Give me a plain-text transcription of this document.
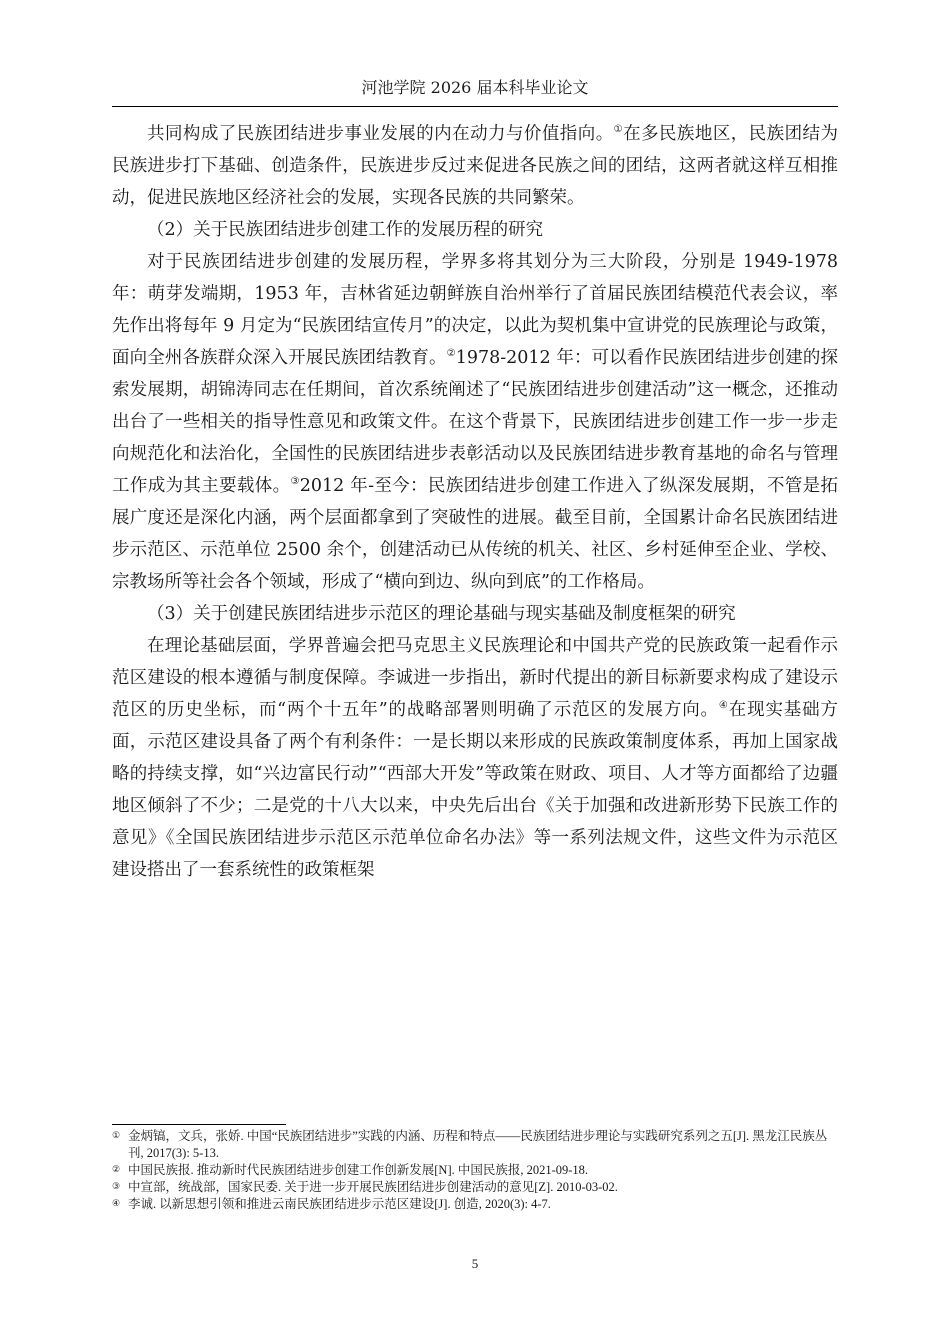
河池学院 2026 届本科毕业论文

共同构成了民族团结进步事业发展的内在动力与价值指向。①在多民族地区，民族团结为民族进步打下基础、创造条件，民族进步反过来促进各民族之间的团结，这两者就这样互相推动，促进民族地区经济社会的发展，实现各民族的共同繁荣。

（2）关于民族团结进步创建工作的发展历程的研究

对于民族团结进步创建的发展历程，学界多将其划分为三大阶段，分别是 1949-1978 年：萌芽发端期，1953 年，吉林省延边朝鲜族自治州举行了首届民族团结模范代表会议，率先作出将每年 9 月定为“民族团结宣传月”的决定，以此为契机集中宣讲党的民族理论与政策，面向全州各族群众深入开展民族团结教育。②1978-2012 年：可以看作民族团结进步创建的探索发展期，胡锦涛同志在任期间，首次系统阐述了“民族团结进步创建活动”这一概念，还推动出台了一些相关的指导性意见和政策文件。在这个背景下，民族团结进步创建工作一步一步走向规范化和法治化，全国性的民族团结进步表彰活动以及民族团结进步教育基地的命名与管理工作成为其主要载体。③2012 年-至今：民族团结进步创建工作进入了纵深发展期，不管是拓展广度还是深化内涵，两个层面都拿到了突破性的进展。截至目前，全国累计命名民族团结进步示范区、示范单位 2500 余个，创建活动已从传统的机关、社区、乡村延伸至企业、学校、宗教场所等社会各个领域，形成了“横向到边、纵向到底”的工作格局。

（3）关于创建民族团结进步示范区的理论基础与现实基础及制度框架的研究

在理论基础层面，学界普遍会把马克思主义民族理论和中国共产党的民族政策一起看作示范区建设的根本遵循与制度保障。李诚进一步指出，新时代提出的新目标新要求构成了建设示范区的历史坐标，而“两个十五年”的战略部署则明确了示范区的发展方向。④在现实基础方面，示范区建设具备了两个有利条件：一是长期以来形成的民族政策制度体系，再加上国家战略的持续支撑，如“兴边富民行动”“西部大开发”等政策在财政、项目、人才等方面都给了边疆地区倾斜了不少；二是党的十八大以来，中央先后出台《关于加强和改进新形势下民族工作的意见》《全国民族团结进步示范区示范单位命名办法》等一系列法规文件，这些文件为示范区建设搭出了一套系统性的政策框架

① 金炳镐，文兵，张娇. 中国“民族团结进步”实践的内涵、历程和特点——民族团结进步理论与实践研究系列之五[J]. 黑龙江民族丛刊, 2017(3): 5-13.
② 中国民族报. 推动新时代民族团结进步创建工作创新发展[N]. 中国民族报, 2021-09-18.
③ 中宣部，统战部，国家民委. 关于进一步开展民族团结进步创建活动的意见[Z]. 2010-03-02.
④ 李诚. 以新思想引领和推进云南民族团结进步示范区建设[J]. 创造, 2020(3): 4-7.
5
